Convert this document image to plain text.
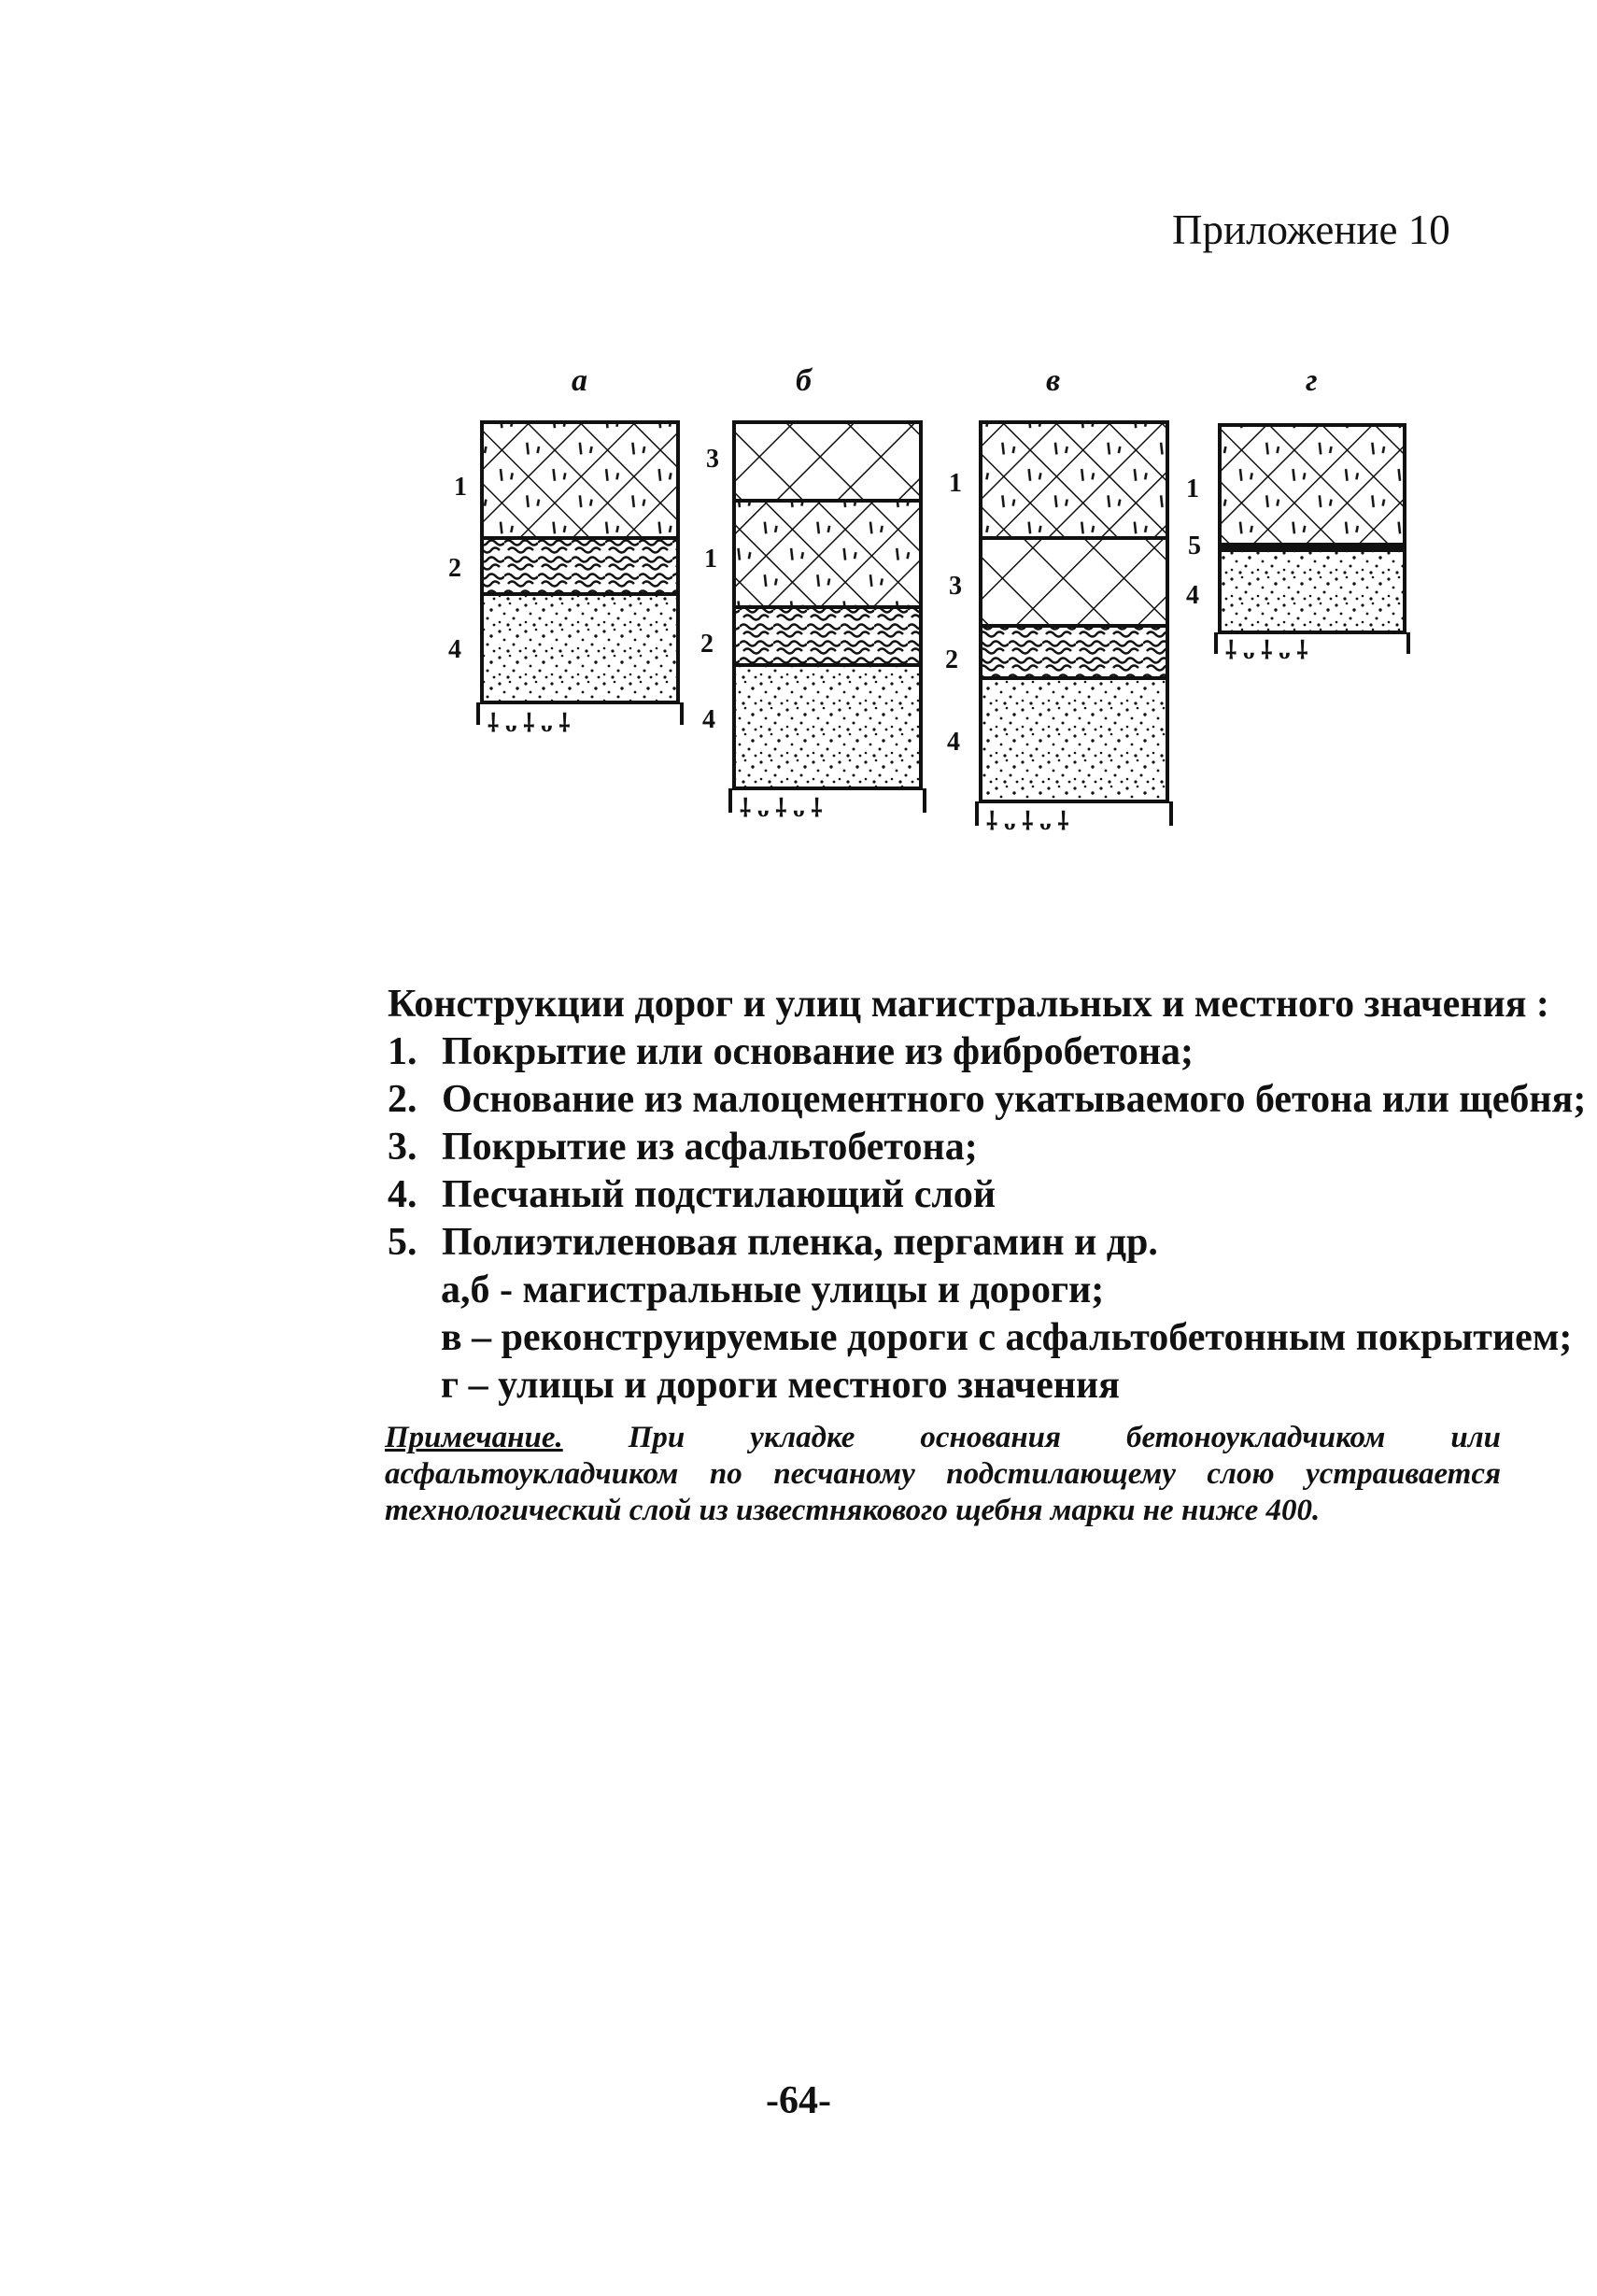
Приложение 10
а
⸸ ᴗ ⸸ ᴗ ⸸
1
2
4
б
⸸ ᴗ ⸸ ᴗ ⸸
3
1
2
4
в
⸸ ᴗ ⸸ ᴗ ⸸
1
3
2
4
г
⸸ ᴗ ⸸ ᴗ ⸸
1
5
4
Конструкции дорог и улиц магистральных и местного значения :
1. Покрытие или основание из фибробетона;
2. Основание из малоцементного укатываемого бетона или щебня;
3. Покрытие из асфальтобетона;
4. Песчаный подстилающий слой
5. Полиэтиленовая пленка, пергамин и др.
а,б - магистральные улицы и дороги;
в – реконструируемые дороги с асфальтобетонным покрытием;
г – улицы и дороги местного значения
Примечание. При укладке основания бетоноукладчиком или асфальтоукладчиком по песчаному подстилающему слою устраивается технологический слой из известнякового щебня марки не ниже 400.
-64-
